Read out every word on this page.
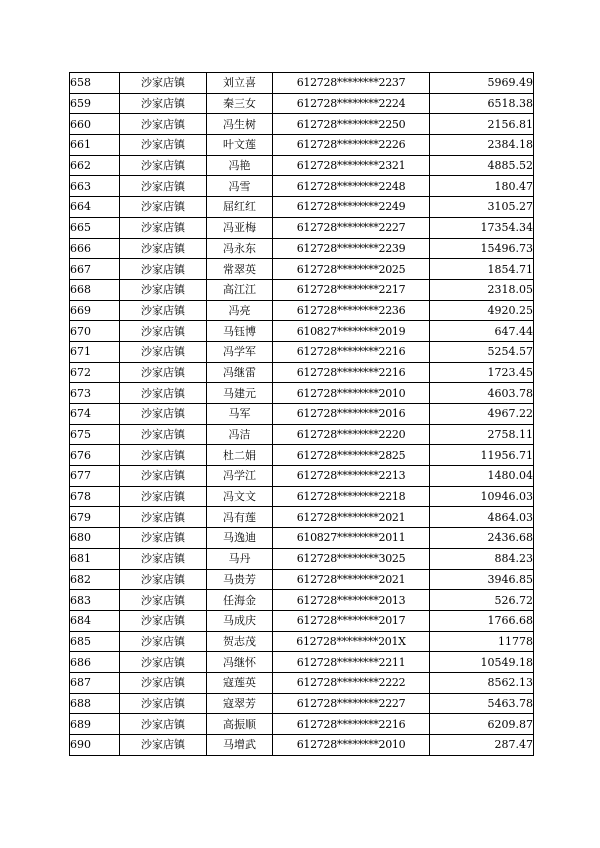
658	沙家店镇	刘立喜	612728********2237	5969.49
659	沙家店镇	秦三女	612728********2224	6518.38
660	沙家店镇	冯生树	612728********2250	2156.81
661	沙家店镇	叶文莲	612728********2226	2384.18
662	沙家店镇	冯艳	612728********2321	4885.52
663	沙家店镇	冯雪	612728********2248	180.47
664	沙家店镇	屈红红	612728********2249	3105.27
665	沙家店镇	冯亚梅	612728********2227	17354.34
666	沙家店镇	冯永东	612728********2239	15496.73
667	沙家店镇	常翠英	612728********2025	1854.71
668	沙家店镇	高江江	612728********2217	2318.05
669	沙家店镇	冯亮	612728********2236	4920.25
670	沙家店镇	马钰博	610827********2019	647.44
671	沙家店镇	冯学军	612728********2216	5254.57
672	沙家店镇	冯继雷	612728********2216	1723.45
673	沙家店镇	马建元	612728********2010	4603.78
674	沙家店镇	马军	612728********2016	4967.22
675	沙家店镇	冯洁	612728********2220	2758.11
676	沙家店镇	杜二娟	612728********2825	11956.71
677	沙家店镇	冯学江	612728********2213	1480.04
678	沙家店镇	冯文文	612728********2218	10946.03
679	沙家店镇	冯有莲	612728********2021	4864.03
680	沙家店镇	马逸迪	610827********2011	2436.68
681	沙家店镇	马丹	612728********3025	884.23
682	沙家店镇	马贵芳	612728********2021	3946.85
683	沙家店镇	任海金	612728********2013	526.72
684	沙家店镇	马成庆	612728********2017	1766.68
685	沙家店镇	贺志茂	612728********201X	11778
686	沙家店镇	冯继怀	612728********2211	10549.18
687	沙家店镇	寇莲英	612728********2222	8562.13
688	沙家店镇	寇翠芳	612728********2227	5463.78
689	沙家店镇	高振顺	612728********2216	6209.87
690	沙家店镇	马增武	612728********2010	287.47
